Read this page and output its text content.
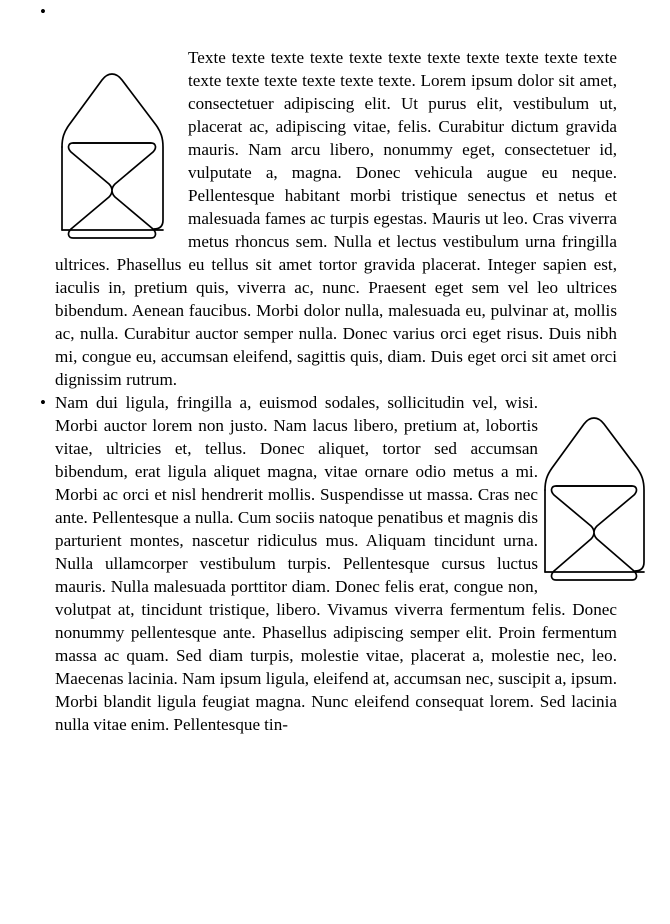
•

Texte texte texte texte texte texte texte texte texte texte texte texte texte texte texte texte texte. Lorem ipsum dolor sit amet, consectetuer adipiscing elit. Ut purus elit, vestibulum ut, placerat ac, adipiscing vitae, felis. Curabitur dictum gravida mauris. Nam arcu libero, nonummy eget, consectetuer id, vulputate a, magna. Donec vehicula augue eu neque. Pellentesque habitant morbi tristique senectus et netus et malesuada fames ac turpis egestas. Mauris ut leo. Cras viverra metus rhoncus sem. Nulla et lectus vestibulum urna fringilla ultrices. Phasellus eu tellus sit amet tortor gravida placerat. Integer sapien est, iaculis in, pretium quis, viverra ac, nunc. Praesent eget sem vel leo ultrices bibendum. Aenean faucibus. Morbi dolor nulla, malesuada eu, pulvinar at, mollis ac, nulla. Curabitur auctor semper nulla. Donec varius orci eget risus. Duis nibh mi, congue eu, accumsan eleifend, sagittis quis, diam. Duis eget orci sit amet orci dignissim rutrum.

• Nam dui ligula, fringilla a, euismod sodales, sollicitudin vel, wisi. Morbi auctor lorem non justo. Nam lacus libero, pretium at, lobortis vitae, ultricies et, tellus. Donec aliquet, tortor sed accumsan bibendum, erat ligula aliquet magna, vitae ornare odio metus a mi. Morbi ac orci et nisl hendrerit mollis. Suspendisse ut massa. Cras nec ante. Pellentesque a nulla. Cum sociis natoque penatibus et magnis dis parturient montes, nascetur ridiculus mus. Aliquam tincidunt urna. Nulla ullamcorper vestibulum turpis. Pellentesque cursus luctus mauris. Nulla malesuada porttitor diam. Donec felis erat, congue non, volutpat at, tincidunt tristique, libero. Vivamus viverra fermentum felis. Donec nonummy pellentesque ante. Phasellus adipiscing semper elit. Proin fermentum massa ac quam. Sed diam turpis, molestie vitae, placerat a, molestie nec, leo. Maecenas lacinia. Nam ipsum ligula, eleifend at, accumsan nec, suscipit a, ipsum. Morbi blandit ligula feugiat magna. Nunc eleifend consequat lorem. Sed lacinia nulla vitae enim. Pellentesque tin-
